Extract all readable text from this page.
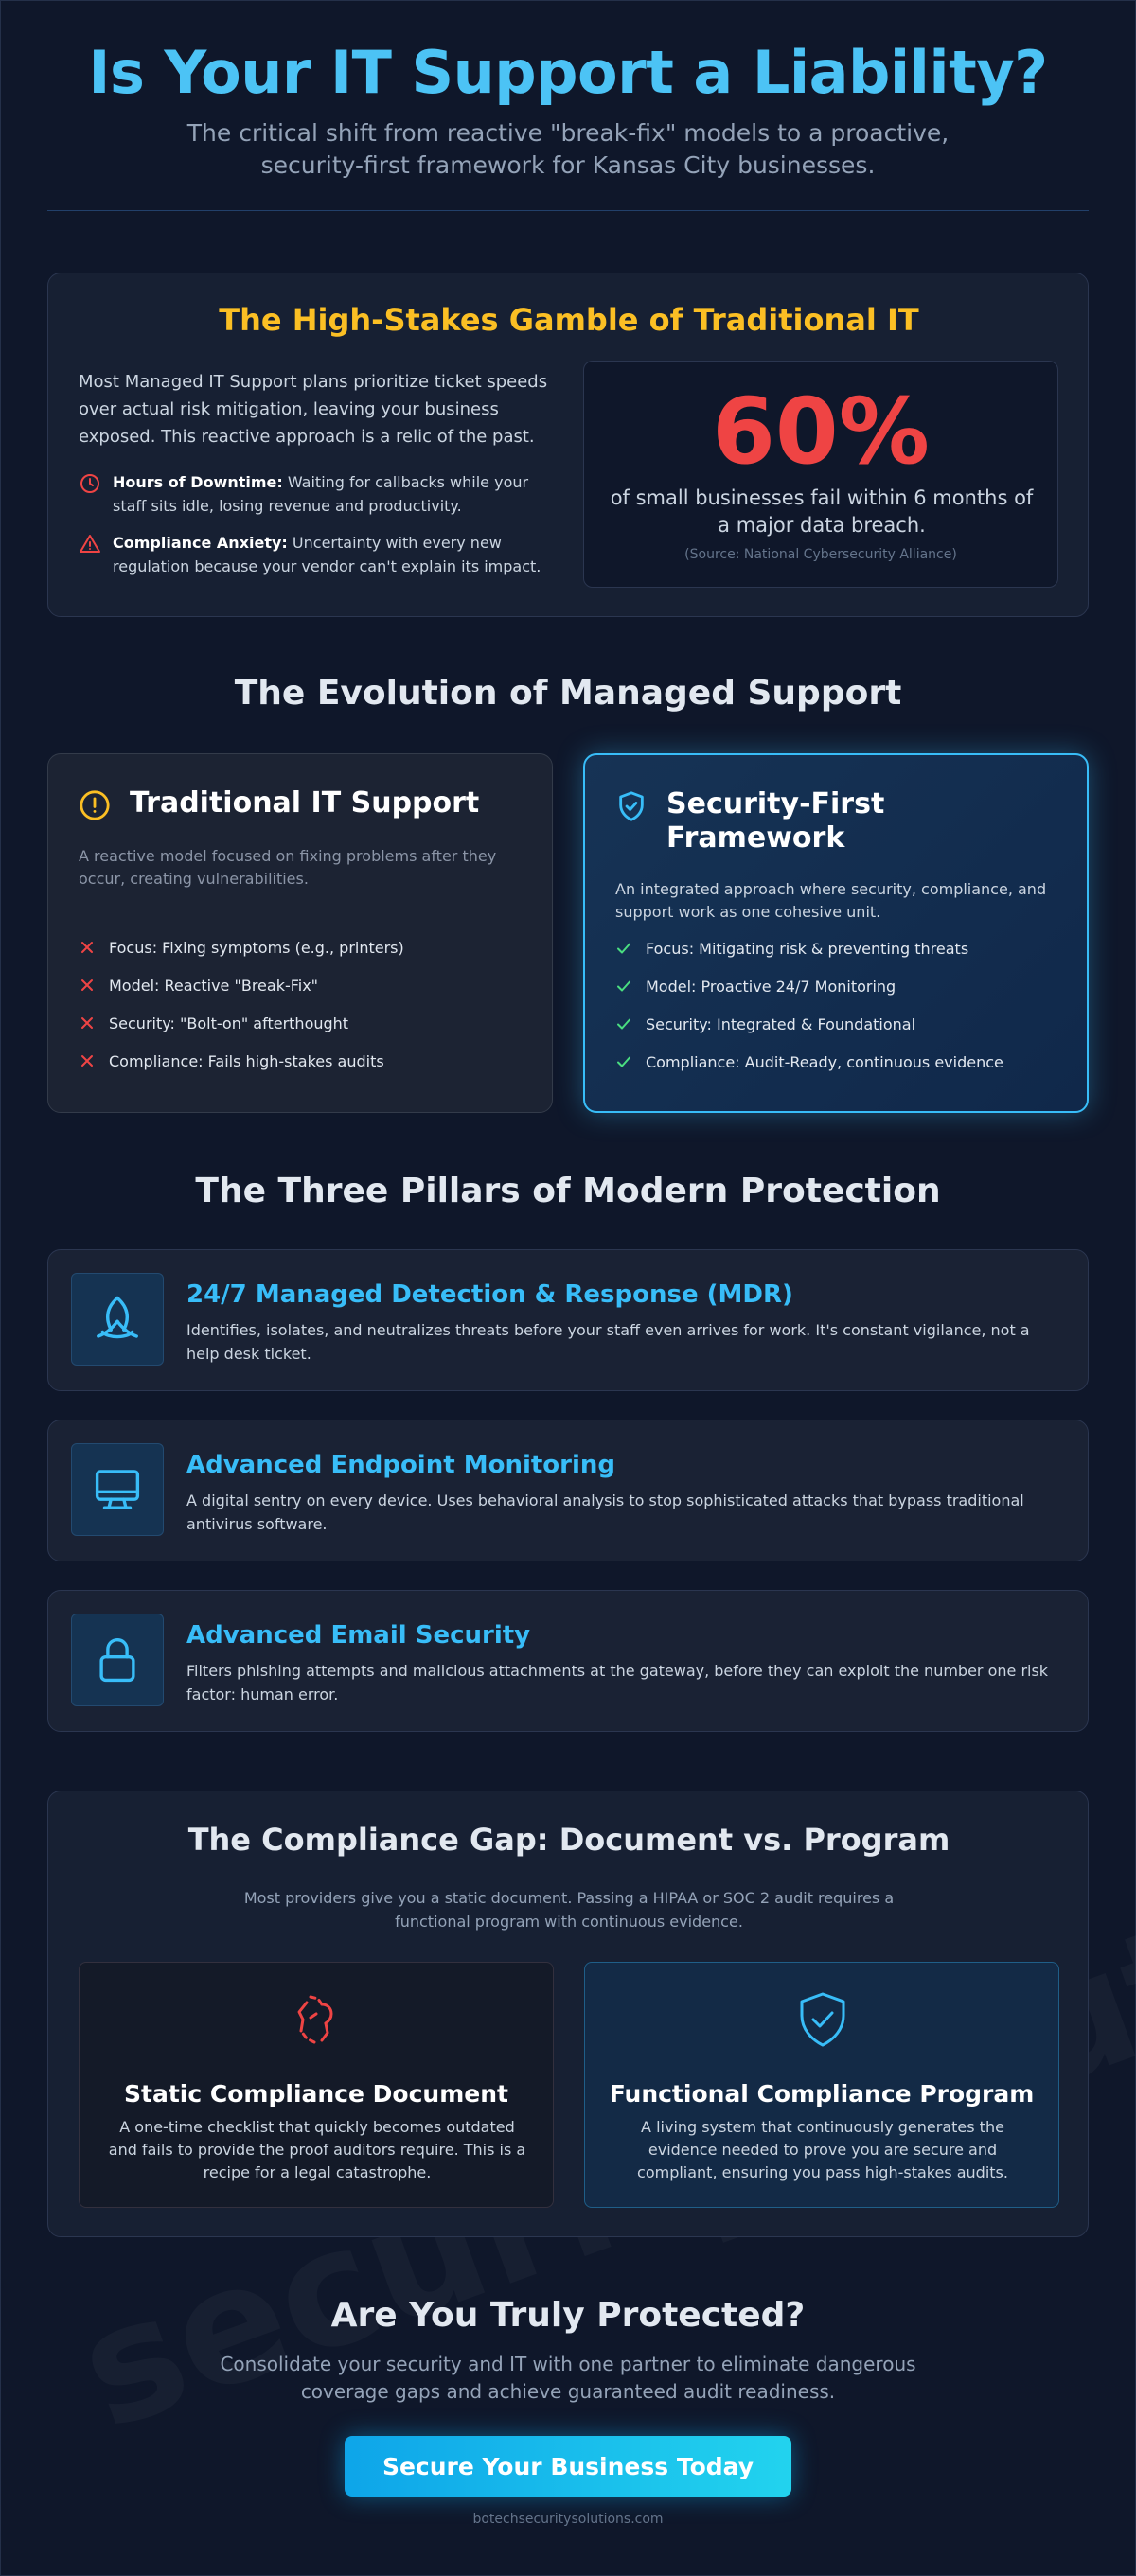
Is Your IT Support a Liability?

The critical shift from reactive "break-fix" models to a proactive, security-first framework for Kansas City businesses.

The High-Stakes Gamble of Traditional IT

Most Managed IT Support plans prioritize ticket speeds over actual risk mitigation, leaving your business exposed. This reactive approach is a relic of the past.

Hours of Downtime: Waiting for callbacks while your staff sits idle, losing revenue and productivity.
Compliance Anxiety: Uncertainty with every new regulation because your vendor can't explain its impact.
60%
of small businesses fail within 6 months of a major data breach.
(Source: National Cybersecurity Alliance)
The Evolution of Managed Support
Traditional IT Support

A reactive model focused on fixing problems after they occur, creating vulnerabilities.

Focus: Fixing symptoms (e.g., printers)
Model: Reactive "Break-Fix"
Security: "Bolt-on" afterthought
Compliance: Fails high-stakes audits
Security-First Framework

An integrated approach where security, compliance, and support work as one cohesive unit.

Focus: Mitigating risk & preventing threats
Model: Proactive 24/7 Monitoring
Security: Integrated & Foundational
Compliance: Audit-Ready, continuous evidence
The Three Pillars of Modern Protection
24/7 Managed Detection & Response (MDR)

Identifies, isolates, and neutralizes threats before your staff even arrives for work. It's constant vigilance, not a help desk ticket.

Advanced Endpoint Monitoring

A digital sentry on every device. Uses behavioral analysis to stop sophisticated attacks that bypass traditional antivirus software.

Advanced Email Security

Filters phishing attempts and malicious attachments at the gateway, before they can exploit the number one risk factor: human error.

The Compliance Gap: Document vs. Program

Most providers give you a static document. Passing a HIPAA or SOC 2 audit requires a functional program with continuous evidence.

Static Compliance Document
A one-time checklist that quickly becomes outdated and fails to provide the proof auditors require. This is a recipe for a legal catastrophe.
Functional Compliance Program
A living system that continuously generates the evidence needed to prove you are secure and compliant, ensuring you pass high-stakes audits.
Are You Truly Protected?

Consolidate your security and IT with one partner to eliminate dangerous coverage gaps and achieve guaranteed audit readiness.

Secure Your Business Today
botechsecuritysolutions.com
